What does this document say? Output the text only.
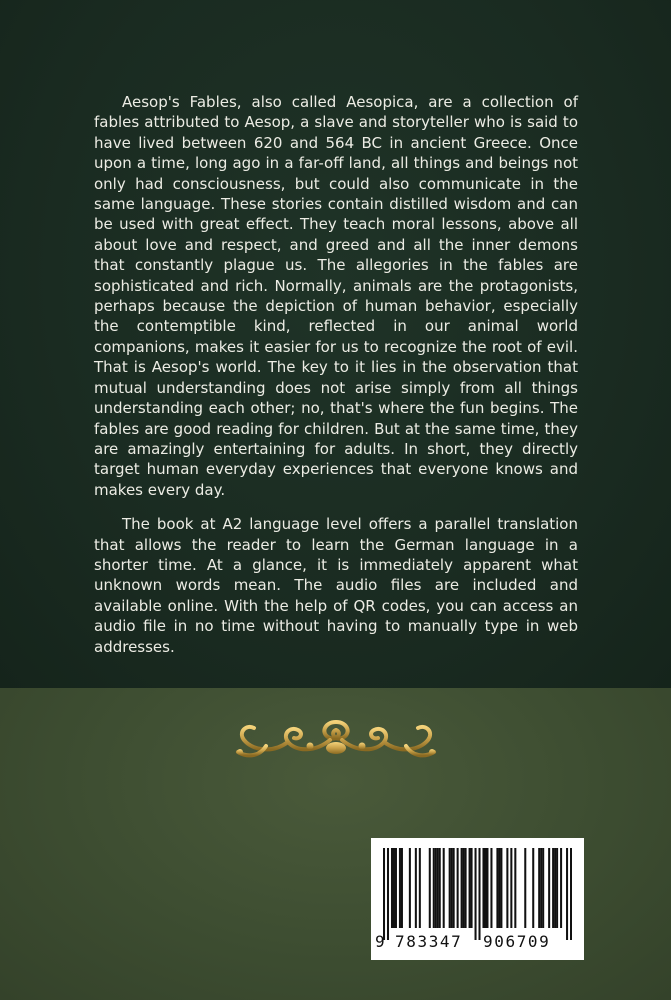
Aesop's Fables, also called Aesopica, are a collection of fables attributed to Aesop, a slave and storyteller who is said to have lived between 620 and 564 BC in ancient Greece. Once upon a time, long ago in a far-off land, all things and beings not only had consciousness, but could also communicate in the same language. These stories contain distilled wisdom and can be used with great effect. They teach moral lessons, above all about love and respect, and greed and all the inner demons that constantly plague us. The allegories in the fables are sophisticated and rich. Normally, animals are the protagonists, perhaps because the depiction of human behavior, especially the contemptible kind, reflected in our animal world companions, makes it easier for us to recognize the root of evil. That is Aesop's world. The key to it lies in the observation that mutual understanding does not arise simply from all things understanding each other; no, that's where the fun begins. The fables are good reading for children. But at the same time, they are amazingly entertaining for adults. In short, they directly target human everyday experiences that everyone knows and makes every day.

The book at A2 language level offers a parallel translation that allows the reader to learn the German language in a shorter time. At a glance, it is immediately apparent what unknown words mean. The audio files are included and available online. With the help of QR codes, you can access an audio file in no time without having to manually type in web addresses.

9 783347 906709
